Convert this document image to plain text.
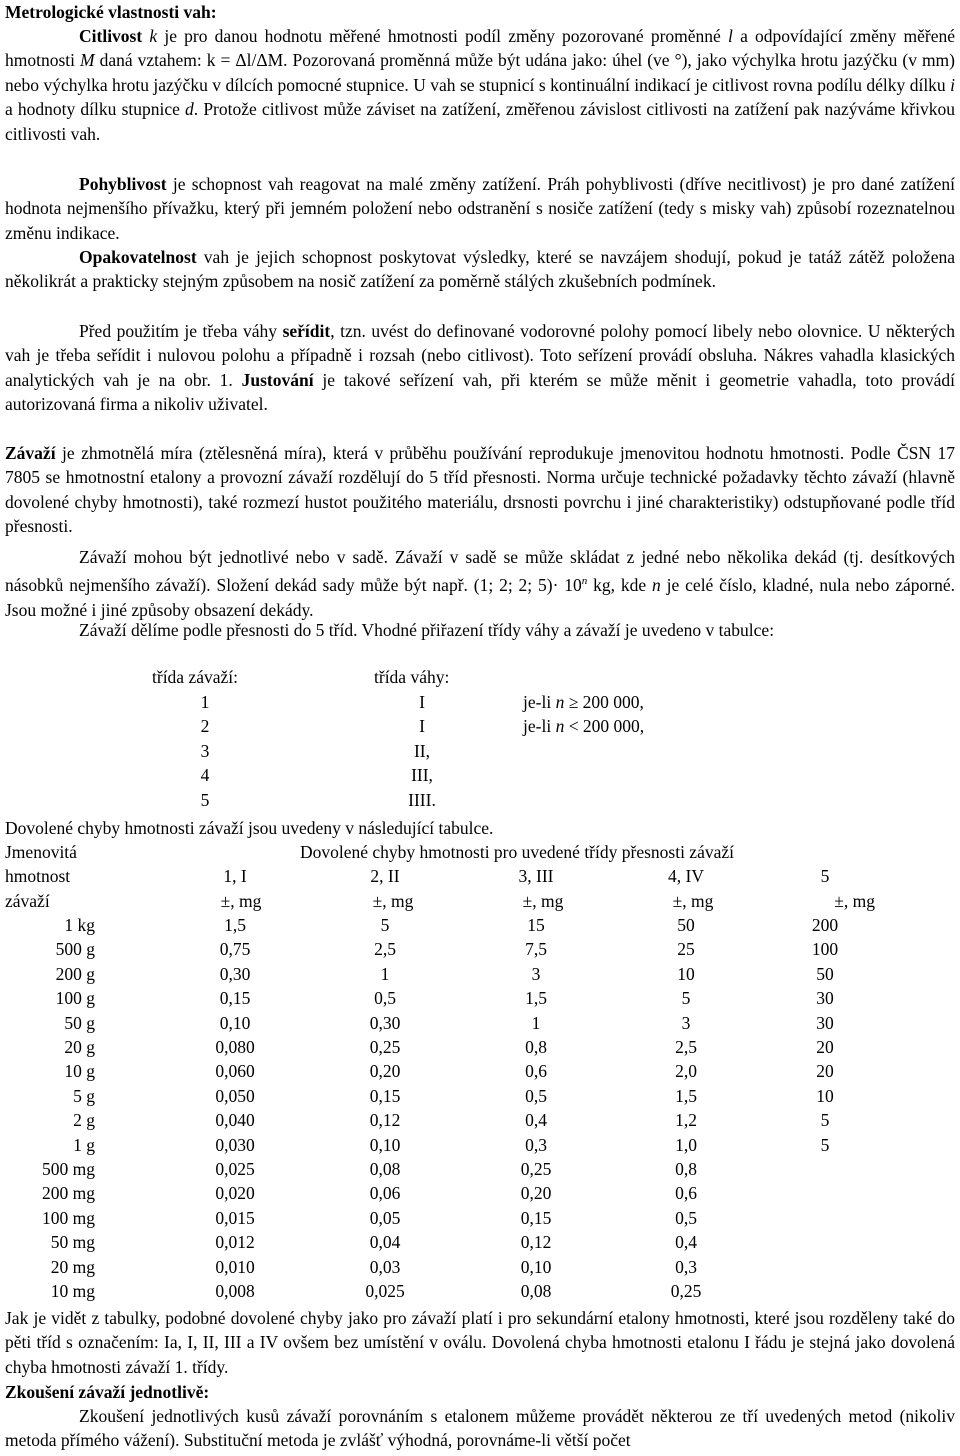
Metrologické vlastnosti vah:

Citlivost k je pro danou hodnotu měřené hmotnosti podíl změny pozorované proměnné l a odpovídající změny měřené hmotnosti M daná vztahem: k = Δl/ΔM. Pozorovaná proměnná může být udána jako: úhel (ve °), jako výchylka hrotu jazýčku (v mm) nebo výchylka hrotu jazýčku v dílcích pomocné stupnice. U vah se stupnicí s kontinuální indikací je citlivost rovna podílu délky dílku i a hodnoty dílku stupnice d. Protože citlivost může záviset na zatížení, změřenou závislost citlivosti na zatížení pak nazýváme křivkou citlivosti vah.

Pohyblivost je schopnost vah reagovat na malé změny zatížení. Práh pohyblivosti (dříve necitlivost) je pro dané zatížení hodnota nejmenšího přívažku, který při jemném položení nebo odstranění s nosiče zatížení (tedy s misky vah) způsobí rozeznatelnou změnu indikace.

Opakovatelnost vah je jejich schopnost poskytovat výsledky, které se navzájem shodují, pokud je tatáž zátěž položena několikrát a prakticky stejným způsobem na nosič zatížení za poměrně stálých zkušebních podmínek.

Před použitím je třeba váhy seřídit, tzn. uvést do definované vodorovné polohy pomocí libely nebo olovnice. U některých vah je třeba seřídit i nulovou polohu a případně i rozsah (nebo citlivost). Toto seřízení provádí obsluha. Nákres vahadla klasických analytických vah je na obr. 1. Justování je takové seřízení vah, při kterém se může měnit i geometrie vahadla, toto provádí autorizovaná firma a nikoliv uživatel.

Závaží je zhmotnělá míra (ztělesněná míra), která v průběhu používání reprodukuje jmenovitou hodnotu hmotnosti. Podle ČSN 17 7805 se hmotnostní etalony a provozní závaží rozdělují do 5 tříd přesnosti. Norma určuje technické požadavky těchto závaží (hlavně dovolené chyby hmotnosti), také rozmezí hustot použitého materiálu, drsnosti povrchu i jiné charakteristiky) odstupňované podle tříd přesnosti.

Závaží mohou být jednotlivé nebo v sadě. Závaží v sadě se může skládat z jedné nebo několika dekád (tj. desítkových násobků nejmenšího závaží). Složení dekád sady může být např. (1; 2; 2; $5)\cdot 10^n$ kg, kde n je celé číslo, kladné, nula nebo záporné. Jsou možné i jiné způsoby obsazení dekády.

Závaží dělíme podle přesnosti do 5 tříd. Vhodné přiřazení třídy váhy a závaží je uvedeno v tabulce:

třída závaží:	třída váhy:
1	I	je-li n ≥ 200 000,
2	I	je-li n < 200 000,
3	II,
4	III,
5	IIII.

Dovolené chyby hmotnosti závaží jsou uvedeny v následující tabulce.

Jmenovitá	Dovolené chyby hmotnosti pro uvedené třídy přesnosti závaží
hmotnost	1, I	2, II	3, III	4, IV	5
závaží	±, mg	±, mg	±, mg	±, mg	±, mg
1 kg	1,5	5	15	50	200
500 g	0,75	2,5	7,5	25	100
200 g	0,30	1	3	10	50
100 g	0,15	0,5	1,5	5	30
50 g	0,10	0,30	1	3	30
20 g	0,080	0,25	0,8	2,5	20
10 g	0,060	0,20	0,6	2,0	20
5 g	0,050	0,15	0,5	1,5	10
2 g	0,040	0,12	0,4	1,2	5
1 g	0,030	0,10	0,3	1,0	5
500 mg	0,025	0,08	0,25	0,8
200 mg	0,020	0,06	0,20	0,6
100 mg	0,015	0,05	0,15	0,5
50 mg	0,012	0,04	0,12	0,4
20 mg	0,010	0,03	0,10	0,3
10 mg	0,008	0,025	0,08	0,25

Jak je vidět z tabulky, podobné dovolené chyby jako pro závaží platí i pro sekundární etalony hmotnosti, které jsou rozděleny také do pěti tříd s označením: Ia, I, II, III a IV ovšem bez umístění v oválu. Dovolená chyba hmotnosti etalonu I řádu je stejná jako dovolená chyba hmotnosti závaží 1. třídy.

Zkoušení závaží jednotlivě:

Zkoušení jednotlivých kusů závaží porovnáním s etalonem můžeme provádět některou ze tří uvedených metod (nikoliv metoda přímého vážení). Substituční metoda je zvlášť výhodná, porovnáme-li větší počet
